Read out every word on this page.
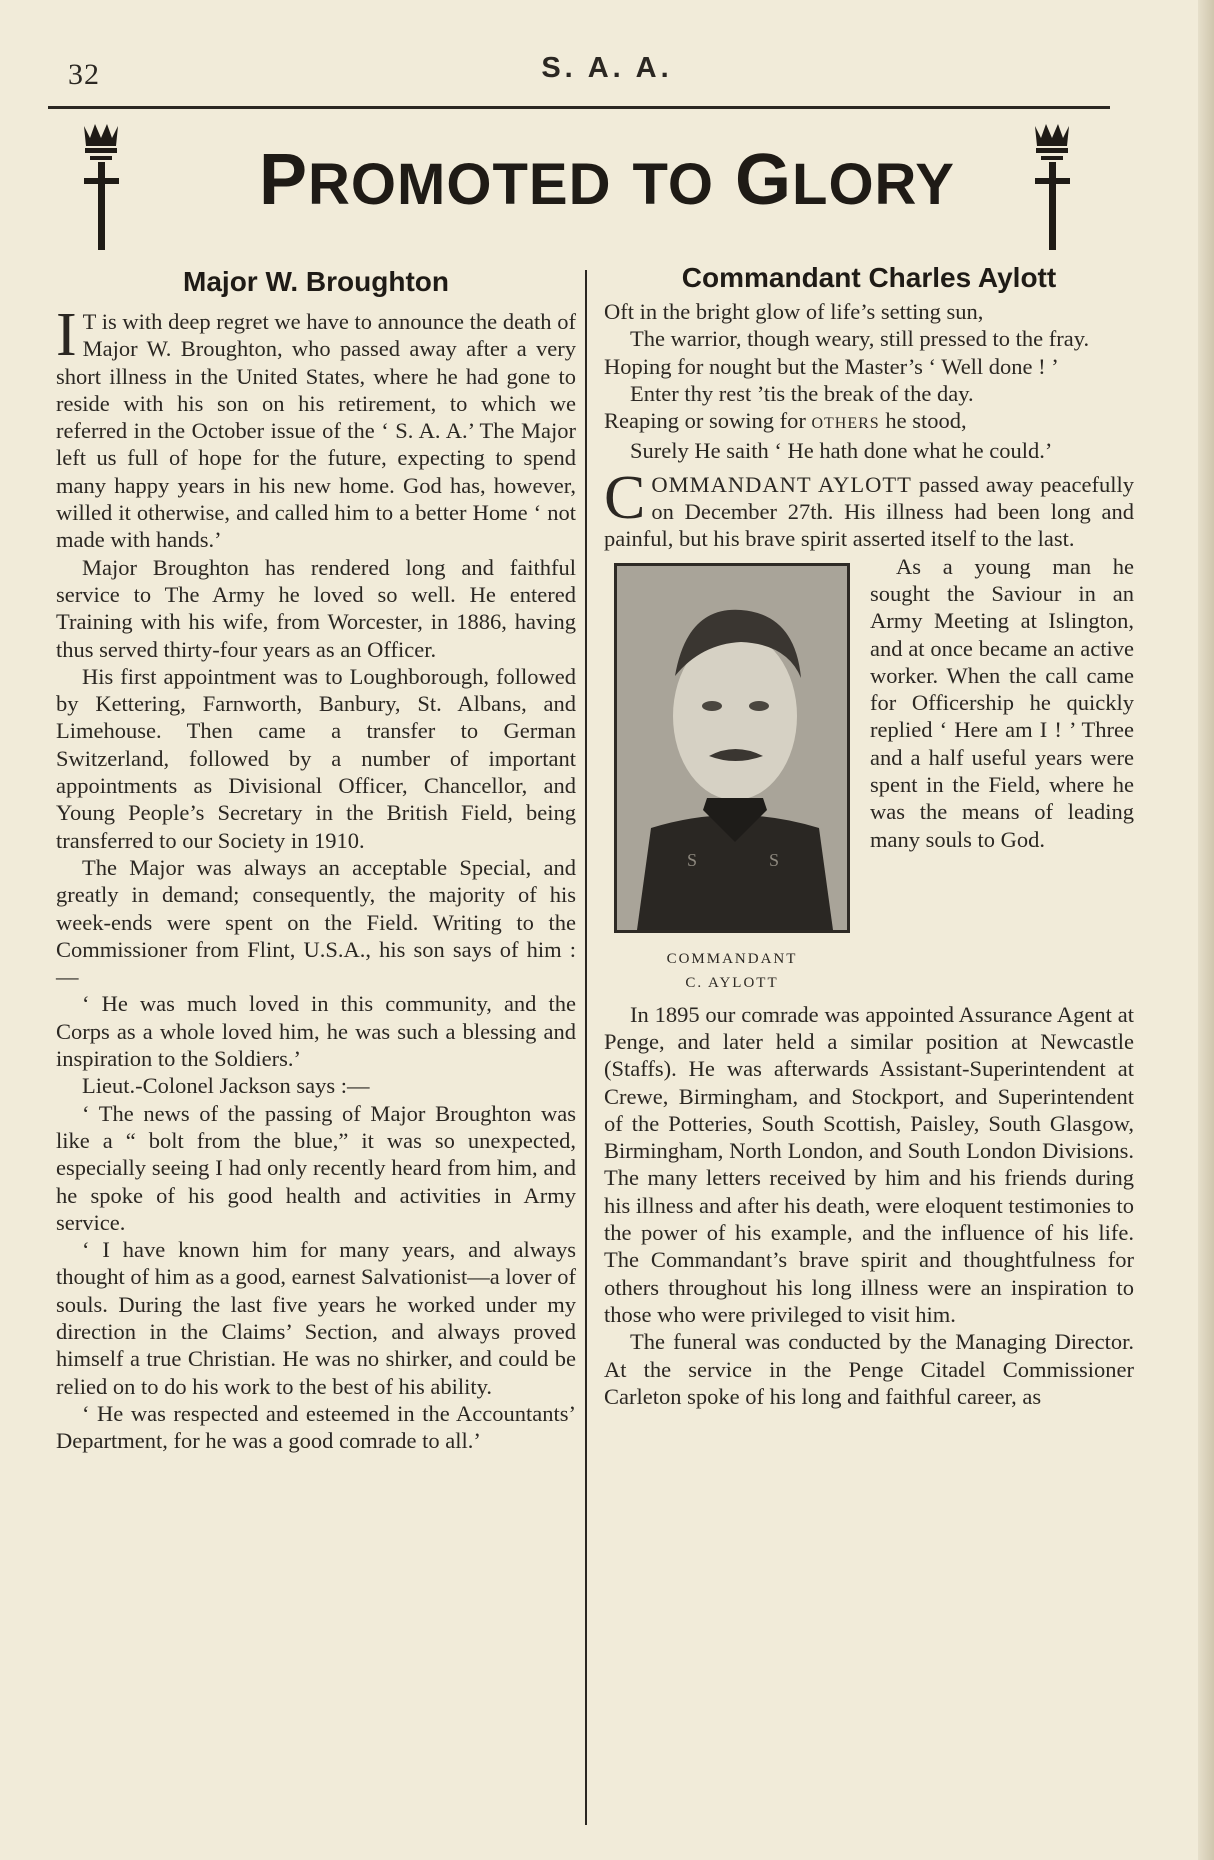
32	S. A. A.
PROMOTED TO GLORY
Major W. Broughton

I T is with deep regret we have to announce the death of Major W. Broughton, who passed away after a very short illness in the United States, where he had gone to reside with his son on his retirement, to which we referred in the October issue of the ‘ S. A. A.’ The Major left us full of hope for the future, expecting to spend many happy years in his new home. God has, however, willed it otherwise, and called him to a better Home ‘ not made with hands.’

Major Broughton has rendered long and faithful service to The Army he loved so well. He entered Training with his wife, from Worcester, in 1886, having thus served thirty-four years as an Officer.

His first appointment was to Loughborough, followed by Kettering, Farnworth, Banbury, St. Albans, and Limehouse. Then came a transfer to German Switzerland, followed by a number of important appointments as Divisional Officer, Chancellor, and Young People’s Secretary in the British Field, being transferred to our Society in 1910.

The Major was always an acceptable Special, and greatly in demand; consequently, the majority of his week-ends were spent on the Field. Writing to the Commissioner from Flint, U.S.A., his son says of him :—

‘ He was much loved in this community, and the Corps as a whole loved him, he was such a blessing and inspiration to the Soldiers.’

Lieut.-Colonel Jackson says :—

‘ The news of the passing of Major Broughton was like a “ bolt from the blue,” it was so unexpected, especially seeing I had only recently heard from him, and he spoke of his good health and activities in Army service.

‘ I have known him for many years, and always thought of him as a good, earnest Salvationist—a lover of souls. During the last five years he worked under my direction in the Claims’ Section, and always proved himself a true Christian. He was no shirker, and could be relied on to do his work to the best of his ability.

‘ He was respected and esteemed in the Accountants’ Department, for he was a good comrade to all.’

Commandant Charles Aylott
Oft in the bright glow of life’s setting sun,
The warrior, though weary, still pressed to the fray.
Hoping for nought but the Master’s ‘ Well done ! ’
Enter thy rest ’tis the break of the day.
Reaping or sowing for OTHERS he stood,
Surely He saith ‘ He hath done what he could.’

COMMANDANT AYLOTT passed away peacefully on December 27th. His illness had been long and painful, but his brave spirit asserted itself to the last.

S	S
COMMANDANT
C. AYLOTT

As a young man he sought the Saviour in an Army Meeting at Islington, and at once became an active worker. When the call came for Officership he quickly replied ‘ Here am I ! ’ Three and a half useful years were spent in the Field, where he was the means of leading many souls to God.

In 1895 our comrade was appointed Assurance Agent at Penge, and later held a similar position at Newcastle (Staffs). He was afterwards Assistant-Superintendent at Crewe, Birmingham, and Stockport, and Superintendent of the Potteries, South Scottish, Paisley, South Glasgow, Birmingham, North London, and South London Divisions. The many letters received by him and his friends during his illness and after his death, were eloquent testimonies to the power of his example, and the influence of his life. The Commandant’s brave spirit and thoughtfulness for others throughout his long illness were an inspiration to those who were privileged to visit him.

The funeral was conducted by the Managing Director. At the service in the Penge Citadel Commissioner Carleton spoke of his long and faithful career, as
